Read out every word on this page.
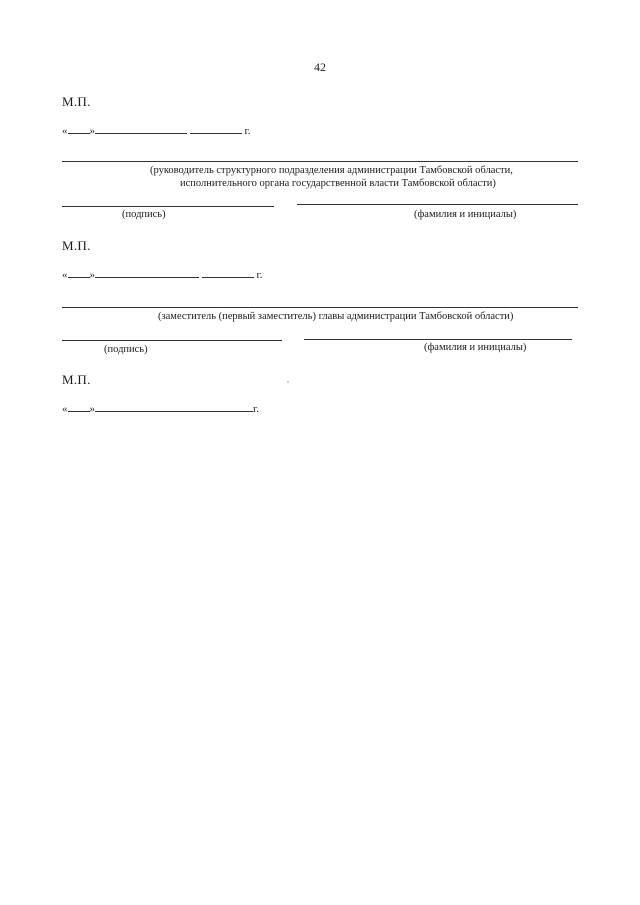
42
М.П.
« »	г.
(руководитель структурного подразделения администрации Тамбовской области,
исполнительного органа государственной власти Тамбовской области)
(подпись)	(фамилия и инициалы)
М.П.
« »	г.
(заместитель (первый заместитель) главы администрации Тамбовской области)
(подпись)	(фамилия и инициалы)
М.П.
« »	г.
